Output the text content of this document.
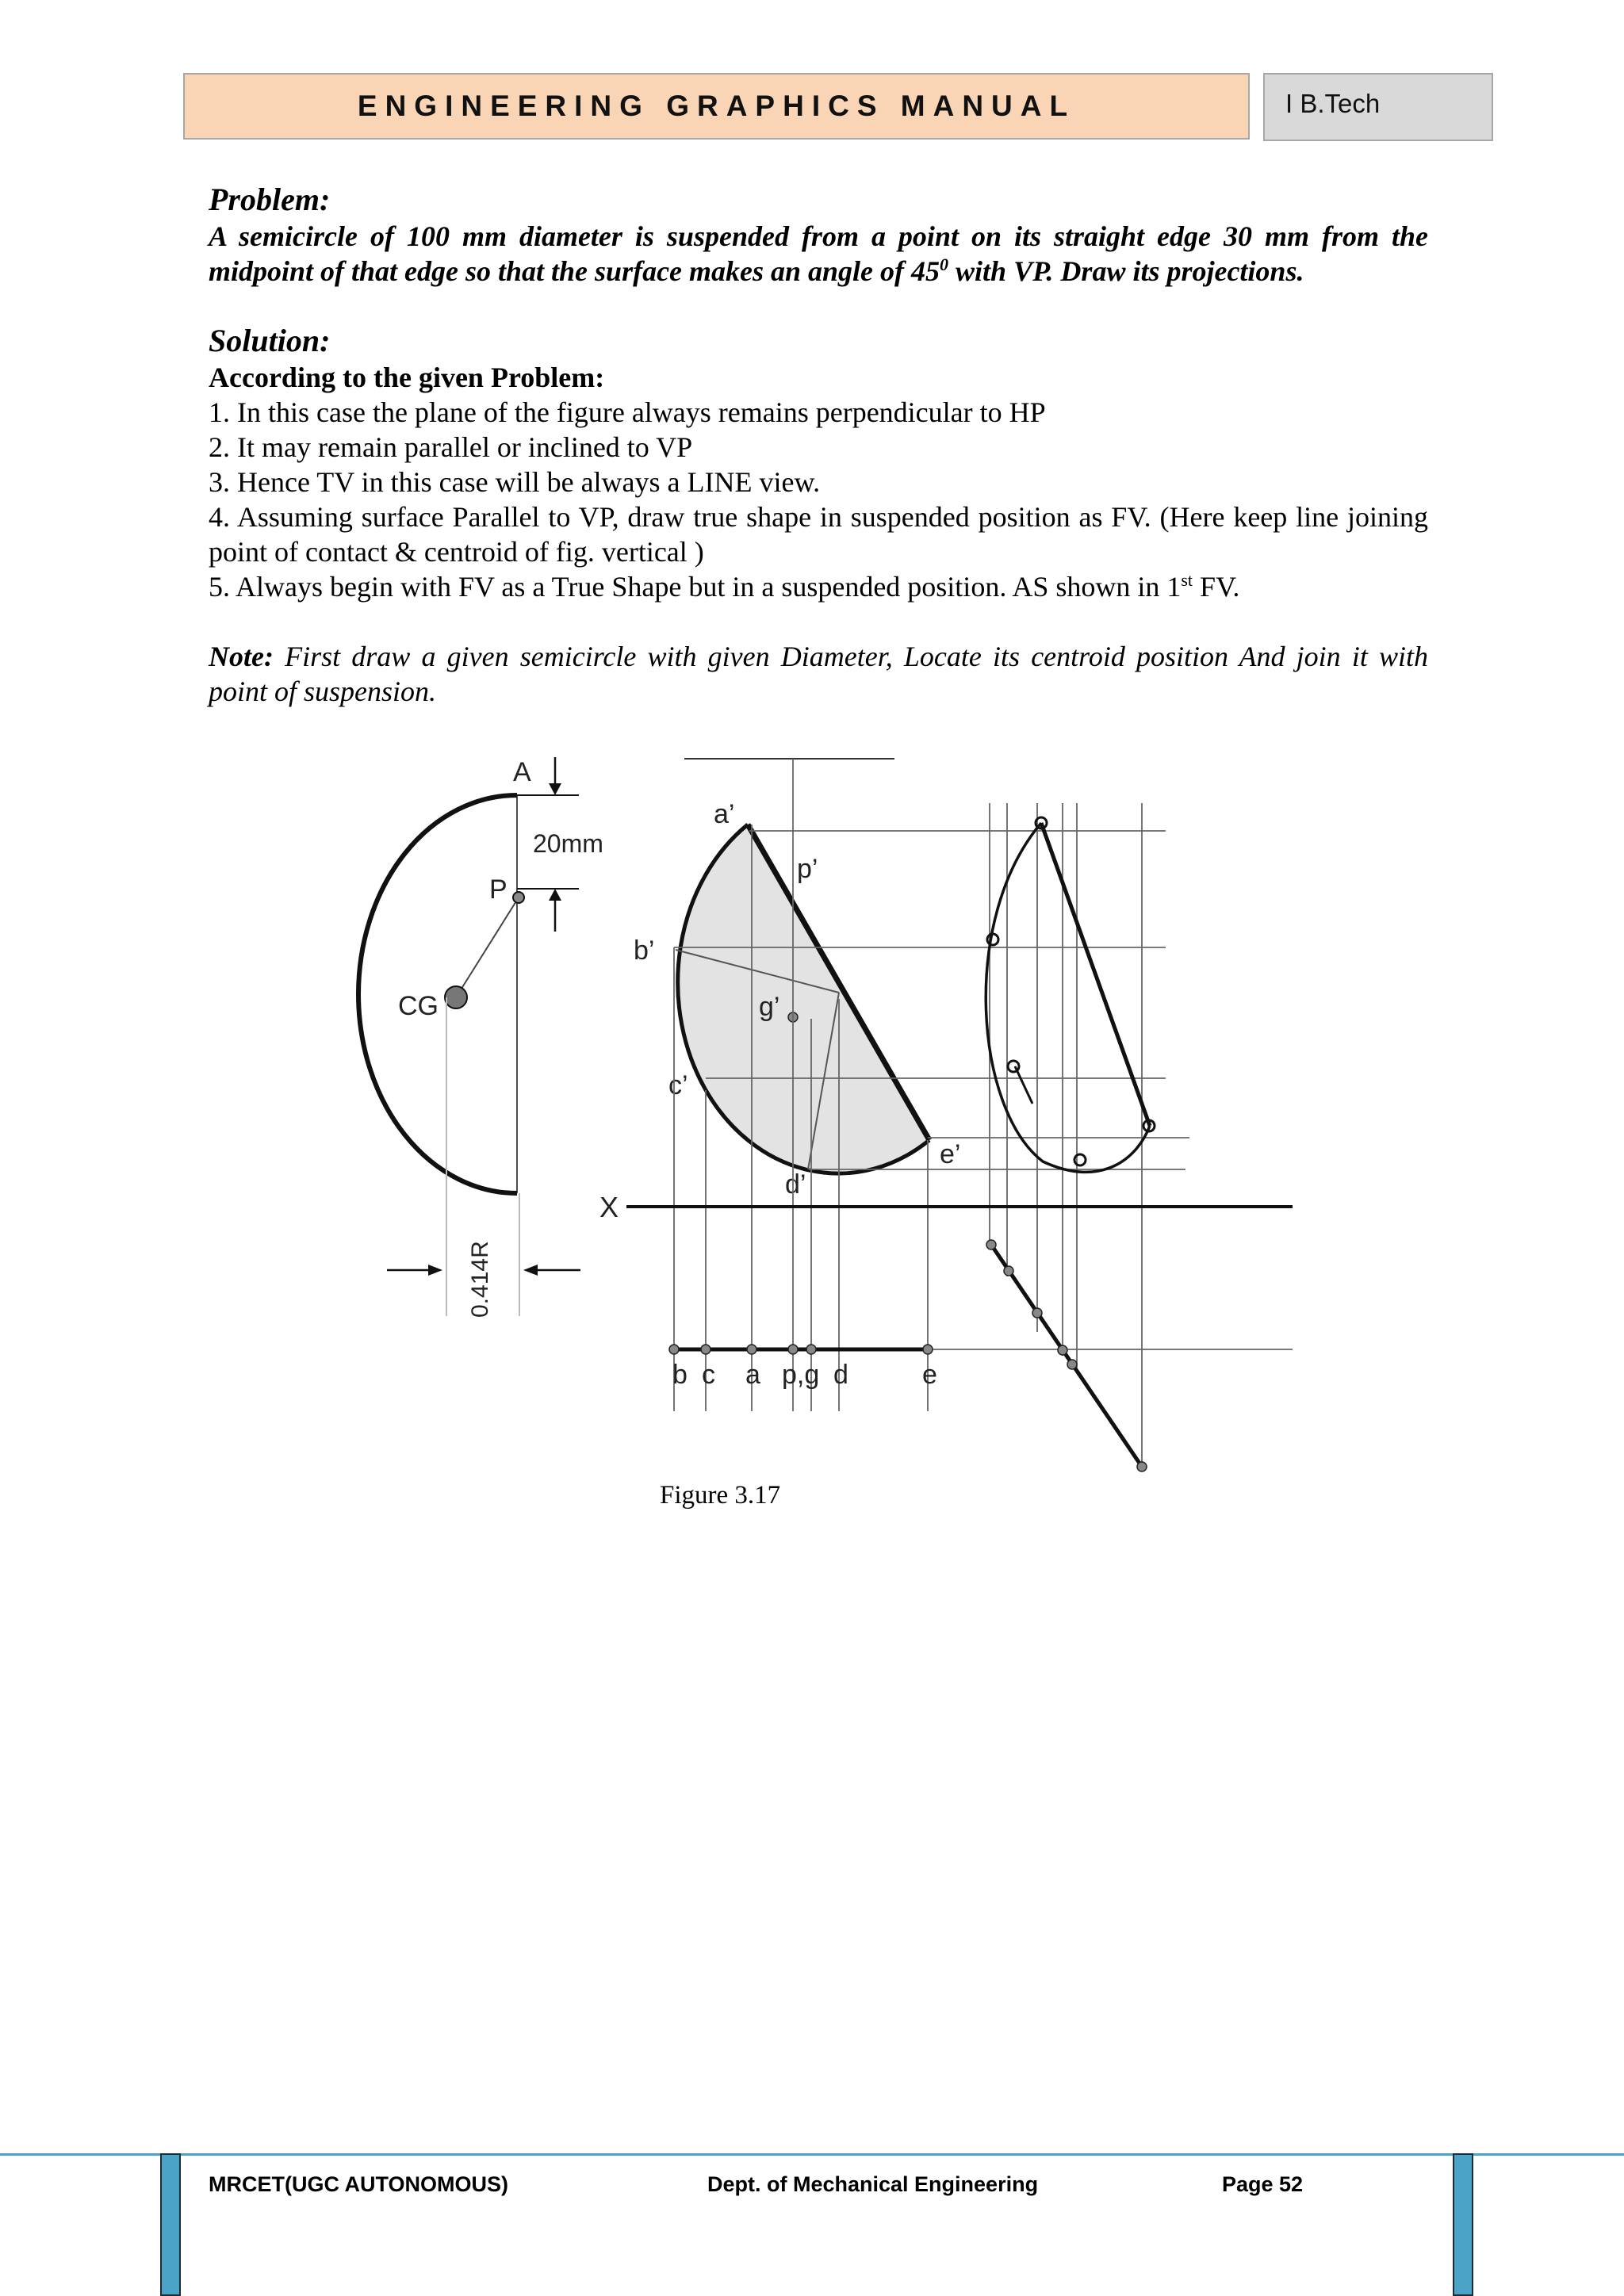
ENGINEERING GRAPHICS MANUAL	I B.Tech

Problem:

A semicircle of 100 mm diameter is suspended from a point on its straight edge 30 mm from the midpoint of that edge so that the surface makes an angle of $45^0$ with VP. Draw its projections.

Solution:

According to the given Problem:

1. In this case the plane of the figure always remains perpendicular to HP

2. It may remain parallel or inclined to VP

3. Hence TV in this case will be always a LINE view.

4. Assuming surface Parallel to VP, draw true shape in suspended position as FV. (Here keep line joining point of contact & centroid of fig. vertical )

5. Always begin with FV as a True Shape but in a suspended position. AS shown in 1st FV.

Note: First draw a given semicircle with given Diameter, Locate its centroid position And join it with point of suspension.

A
20mm
P
CG
0.414R
a’
p’
b’
g’
c’
d’
e’
X
b c a p,g d	e
Figure 3.17
MRCET(UGC AUTONOMOUS)	Dept. of Mechanical Engineering	Page 52
